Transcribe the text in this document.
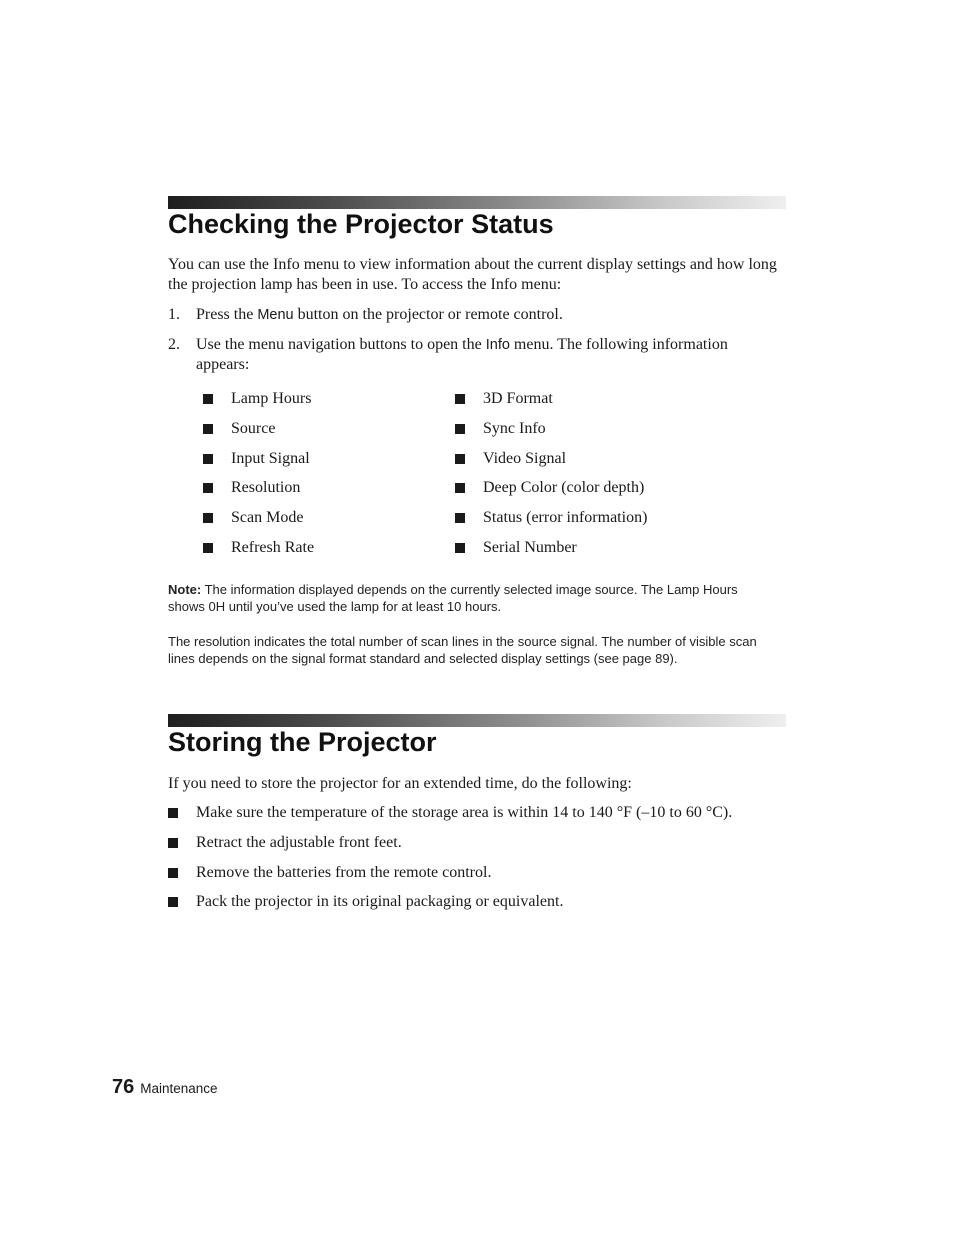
Checking the Projector Status

You can use the Info menu to view information about the current display settings and how long the projection lamp has been in use. To access the Info menu:

1. Press the Menu button on the projector or remote control.
2. Use the menu navigation buttons to open the Info menu. The following information appears:
Lamp Hours
Source
Input Signal
Resolution
Scan Mode
Refresh Rate
3D Format
Sync Info
Video Signal
Deep Color (color depth)
Status (error information)
Serial Number

Note: The information displayed depends on the currently selected image source. The Lamp Hours shows 0H until you’ve used the lamp for at least 10 hours.

The resolution indicates the total number of scan lines in the source signal. The number of visible scan lines depends on the signal format standard and selected display settings (see page 89).

Storing the Projector

If you need to store the projector for an extended time, do the following:

Make sure the temperature of the storage area is within 14 to 140 °F (–10 to 60 °C).
Retract the adjustable front feet.
Remove the batteries from the remote control.
Pack the projector in its original packaging or equivalent.
76 Maintenance
